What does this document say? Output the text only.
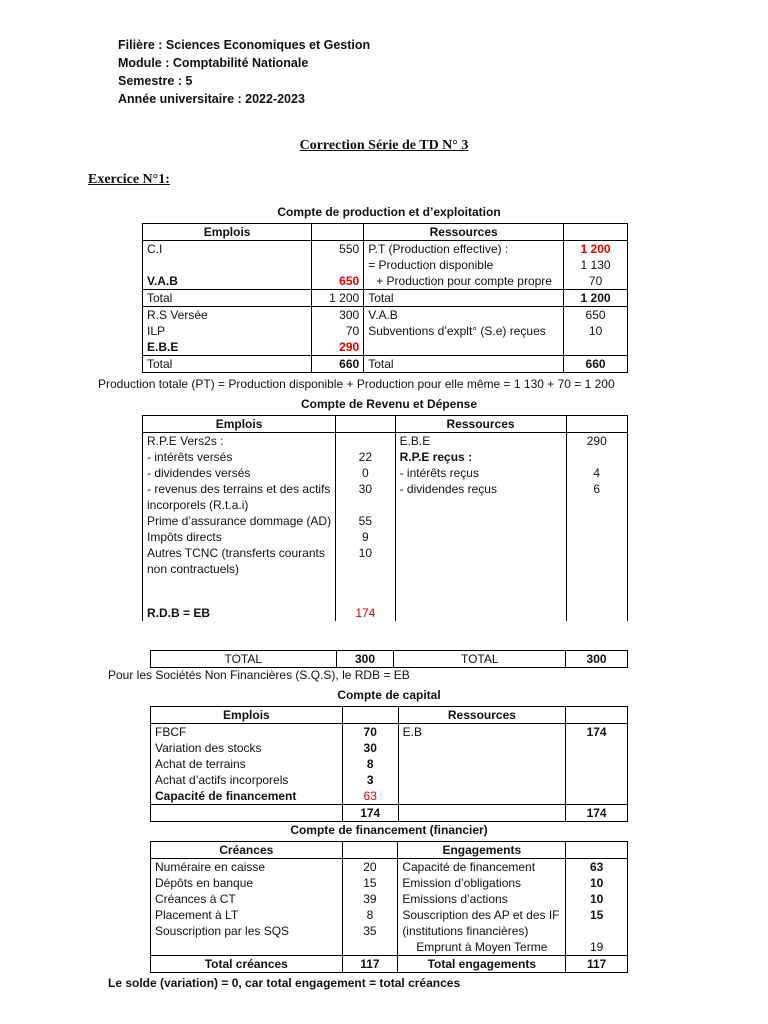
Filière : Sciences Economiques et Gestion
Module : Comptabilité Nationale
Semestre : 5
Année universitaire : 2022-2023
Correction Série de TD N° 3
Exercice N°1:
Compte de production et d’exploitation
Emplois		Ressources	
C.I	550	P.T (Production effective) :	1 200
		= Production disponible	1 130
V.A.B	650	+ Production pour compte propre	70
Total	1 200	Total	1 200
R.S Versée	300	V.A.B	650
ILP	70	Subventions d’explt° (S.e) reçues	10
E.B.E	290		
Total	660	Total	660
Production totale (PT) = Production disponible + Production pour elle même = 1 130 + 70 = 1 200
Compte de Revenu et Dépense
Emplois		Ressources	
R.P.E Vers2s :		E.B.E	290
- intérêts versés	22	R.P.E reçus :	
- dividendes versés	0	- intérêts reçus	4
- revenus des terrains et des actifs incorporels (R.t.a.i)	30	- dividendes reçus	6
Prime d’assurance dommage (AD)	55		
Impôts directs	9		
Autres TCNC (transferts courants non contractuels)	10		

R.D.B = EB	174		
TOTAL	300	TOTAL	300
Pour les Sociétés Non Financières (S.Q.S), le RDB = EB
Compte de capital
Emplois		Ressources	
FBCF	70	E.B	174
Variation des stocks	30		
Achat de terrains	8		
Achat d’actifs incorporels	3		
Capacité de financement	63		
	174		174
Compte de financement (financier)
Créances		Engagements	
Numéraire en caisse	20	Capacité de financement	63
Dépôts en banque	15	Emission d’obligations	10
Créances à CT	39	Emissions d’actions	10
Placement à LT	8	Souscription des AP et des IF	15
Souscription par les SQS	35	(institutions financières)	
		Emprunt à Moyen Terme	19
Total créances	117	Total engagements	117
Le solde (variation) = 0, car total engagement = total créances
